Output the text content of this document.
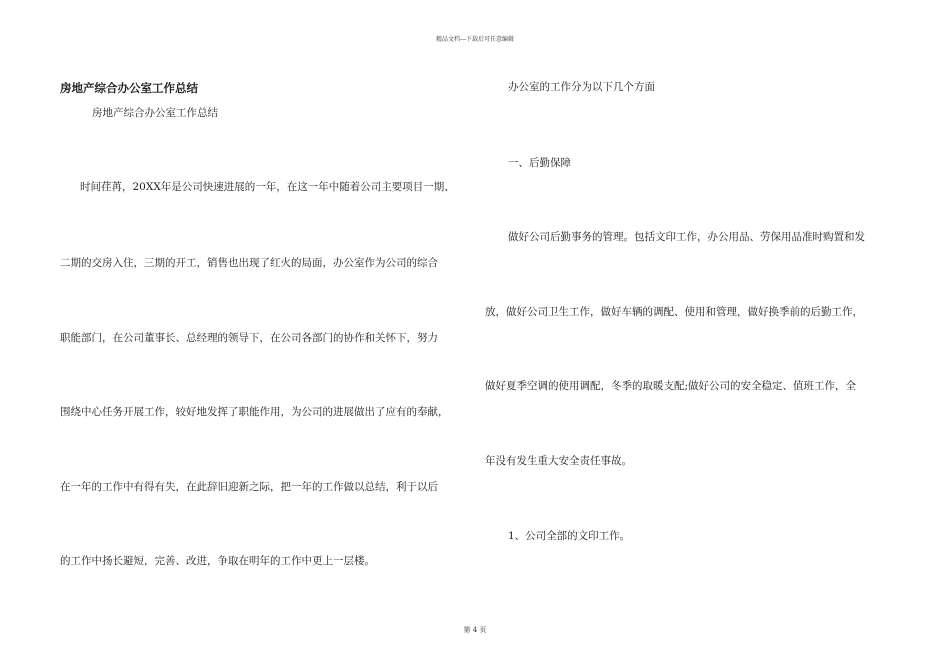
精品文档---下载后可任意编辑
房地产综合办公室工作总结
房地产综合办公室工作总结
时间荏苒，20XX年是公司快速进展的一年，在这一年中随着公司主要项目一期、
二期的交房入住，三期的开工，销售也出现了红火的局面，办公室作为公司的综合
职能部门，在公司董事长、总经理的领导下，在公司各部门的协作和关怀下，努力
围绕中心任务开展工作，较好地发挥了职能作用，为公司的进展做出了应有的奉献，
在一年的工作中有得有失，在此辞旧迎新之际，把一年的工作做以总结，利于以后
的工作中扬长避短，完善、改进，争取在明年的工作中更上一层楼。
办公室的工作分为以下几个方面
一、后勤保障
做好公司后勤事务的管理。包括文印工作，办公用品、劳保用品准时购置和发
放，做好公司卫生工作，做好车辆的调配、使用和管理，做好换季前的后勤工作，
做好夏季空调的使用调配，冬季的取暖支配;做好公司的安全稳定、值班工作，全
年没有发生重大安全责任事故。
1、公司全部的文印工作。
第 4 页
